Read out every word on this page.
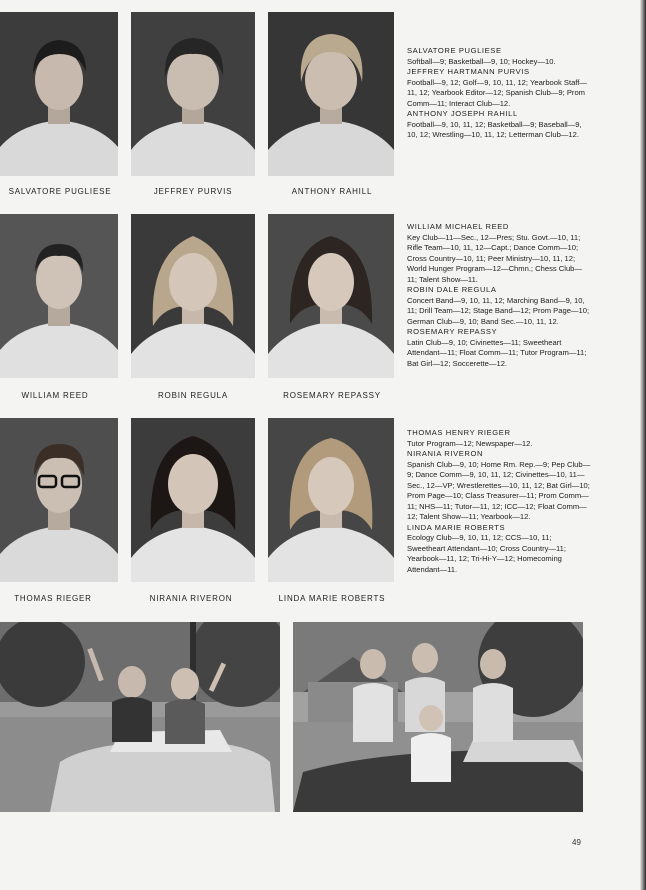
SALVATORE PUGLIESE	JEFFREY PURVIS	ANTHONY RAHILL
SALVATORE PUGLIESE
Softball—9; Basketball—9, 10; Hockey—10.
JEFFREY HARTMANN PURVIS
Football—9, 12; Golf—9, 10, 11, 12; Yearbook Staff—11, 12; Yearbook Editor—12; Spanish Club—9; Prom Comm—11; Interact Club—12.
ANTHONY JOSEPH RAHILL
Football—9, 10, 11, 12; Basketball—9; Baseball—9, 10, 12; Wrestling—10, 11, 12; Letterman Club—12.
WILLIAM REED	ROBIN REGULA	ROSEMARY REPASSY
WILLIAM MICHAEL REED
Key Club—11—Sec., 12—Pres; Stu. Govt.—10, 11; Rifle Team—10, 11, 12—Capt.; Dance Comm—10; Cross Country—10, 11; Peer Ministry—10, 11, 12; World Hunger Program—12—Chmn.; Chess Club—11; Talent Show—11.
ROBIN DALE REGULA
Concert Band—9, 10, 11, 12; Marching Band—9, 10, 11; Drill Team—12; Stage Band—12; Prom Page—10; German Club—9, 10; Band Sec.—10, 11, 12.
ROSEMARY REPASSY
Latin Club—9, 10; Civinettes—11; Sweetheart Attendant—11; Float Comm—11; Tutor Program—11; Bat Girl—12; Soccerette—12.
THOMAS RIEGER	NIRANIA RIVERON	LINDA MARIE ROBERTS
THOMAS HENRY RIEGER
Tutor Program—12; Newspaper—12.
NIRANIA RIVERON
Spanish Club—9, 10; Home Rm. Rep.—9; Pep Club—9; Dance Comm—9, 10, 11, 12; Civinettes—10, 11—Sec., 12—VP; Wrestlerettes—10, 11, 12; Bat Girl—10; Prom Page—10; Class Treasurer—11; Prom Comm—11; NHS—11; Tutor—11, 12; ICC—12; Float Comm—12; Talent Show—11; Yearbook—12.
LINDA MARIE ROBERTS
Ecology Club—9, 10, 11, 12; CCS—10, 11; Sweetheart Attendant—10; Cross Country—11; Yearbook—11, 12; Tri-Hi-Y—12; Homecoming Attendant—11.
49
